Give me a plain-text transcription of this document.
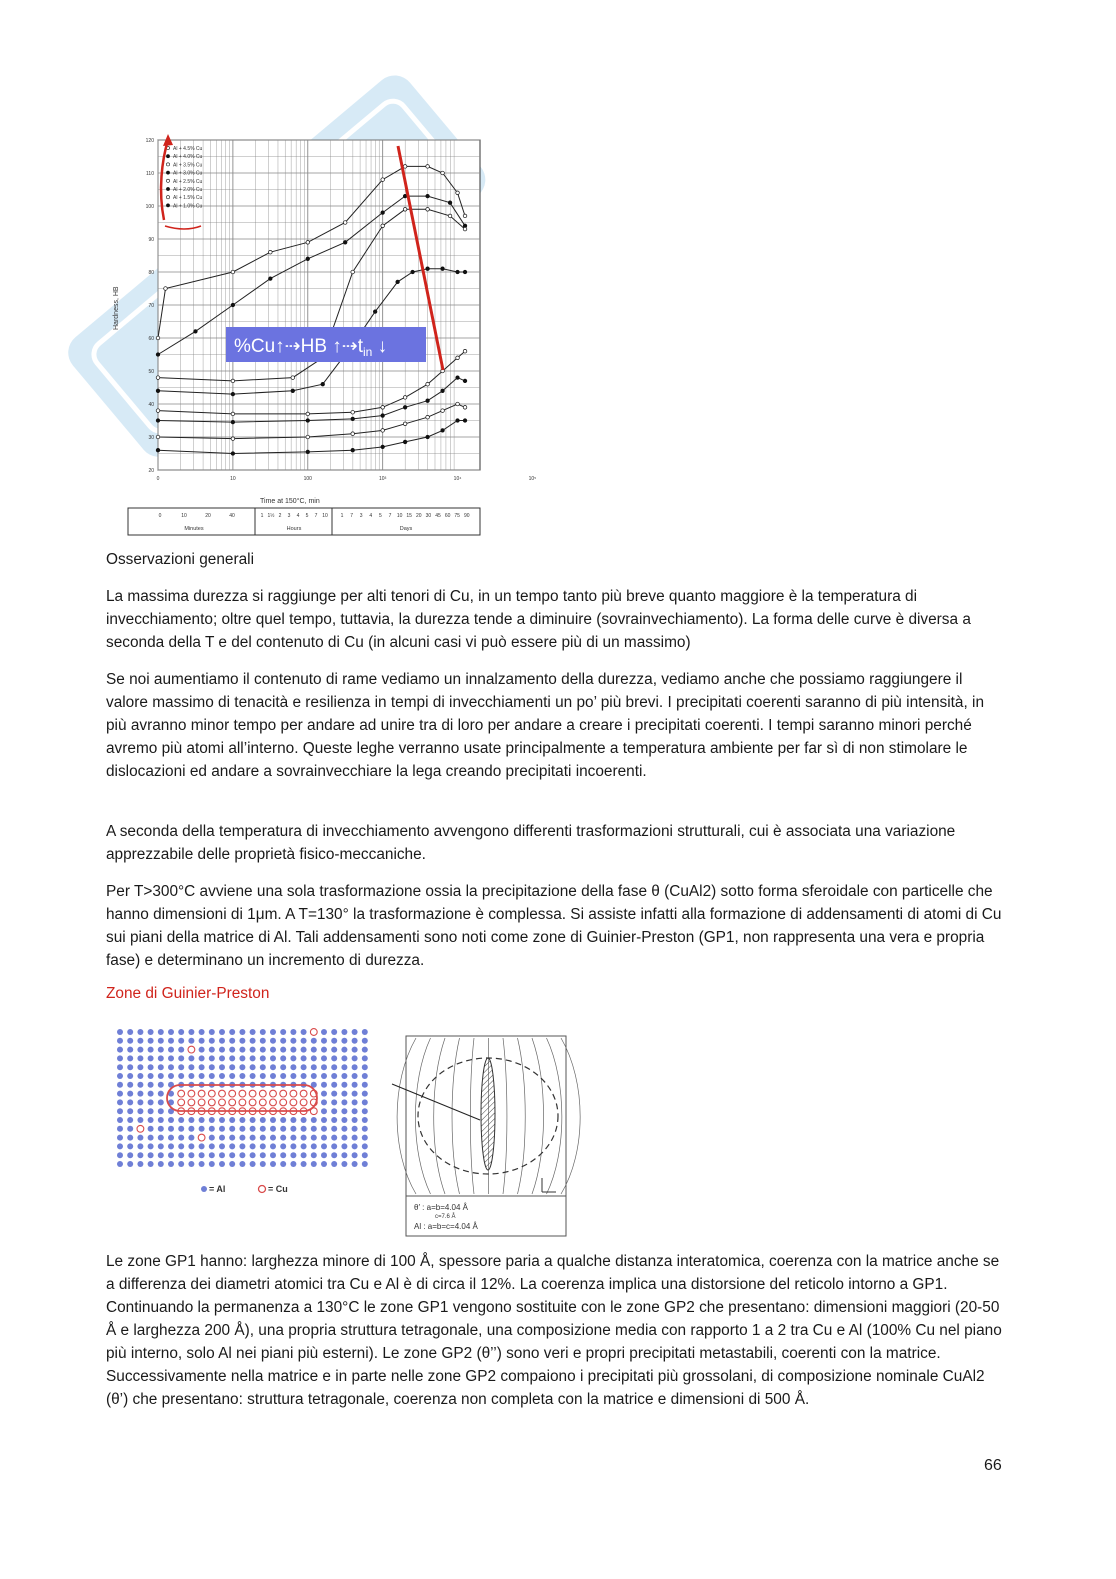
120
110
100
90
80
70
60
50
40
30
20
0	10	100	10³	10⁴	10⁵
Al + 4.5% Cu
Al + 4.0% Cu
Al + 3.5% Cu
Al + 3.0% Cu
Al + 2.5% Cu
Al + 2.0% Cu
Al + 1.5% Cu
Al + 1.0% Cu
0	10	20	40	1 1½ 2 3 4 5 7 10	1 7 3 4 5 7 10 15 20 30 45 60 75 90
Minutes	Hours	Days
%Cu↑⇢HB $↑⇢t_{in}$ ↓
Hardness, HB
Time at 150°C, min

Osservazioni generali

La massima durezza si raggiunge per alti tenori di Cu, in un tempo tanto più breve quanto maggiore è la temperatura di invecchiamento; oltre quel tempo, tuttavia, la durezza tende a diminuire (sovrainvechiamento). La forma delle curve è diversa a seconda della T e del contenuto di Cu (in alcuni casi vi può essere più di un massimo)

Se noi aumentiamo il contenuto di rame vediamo un innalzamento della durezza, vediamo anche che possiamo raggiungere il valore massimo di tenacità e resilienza in tempi di invecchiamenti un po’ più brevi. I precipitati coerenti saranno di più intensità, in più avranno minor tempo per andare ad unire tra di loro per andare a creare i precipitati coerenti. I tempi saranno minori perché avremo più atomi all’interno. Queste leghe verranno usate principalmente a temperatura ambiente per far sì di non stimolare le dislocazioni ed andare a sovrainvecchiare la lega creando precipitati incoerenti.

A seconda della temperatura di invecchiamento avvengono differenti trasformazioni strutturali, cui è associata una variazione apprezzabile delle proprietà fisico-meccaniche.

Per T>300°C avviene una sola trasformazione ossia la precipitazione della fase θ (CuAl2) sotto forma sferoidale con particelle che hanno dimensioni di 1μm. A T=130° la trasformazione è complessa. Si assiste infatti alla formazione di addensamenti di atomi di Cu sui piani della matrice di Al. Tali addensamenti sono noti come zone di Guinier-Preston (GP1, non rappresenta una vera e propria fase) e determinano un incremento di durezza.

Zone di Guinier-Preston
= Al	= Cu
θ′ : a=b=4.04 Å
c=7.6 Å
Al : a=b=c=4.04 Å

Le zone GP1 hanno: larghezza minore di 100 Å, spessore paria a qualche distanza interatomica, coerenza con la matrice anche se a differenza dei diametri atomici tra Cu e Al è di circa il 12%. La coerenza implica una distorsione del reticolo intorno a GP1. Continuando la permanenza a 130°C le zone GP1 vengono sostituite con le zone GP2 che presentano: dimensioni maggiori (20-50 Å e larghezza 200 Å), una propria struttura tetragonale, una composizione media con rapporto 1 a 2 tra Cu e Al (100% Cu nel piano più interno, solo Al nei piani più esterni). Le zone GP2 (θ’’) sono veri e propri precipitati metastabili, coerenti con la matrice. Successivamente nella matrice e in parte nelle zone GP2 compaiono i precipitati più grossolani, di composizione nominale CuAl2 (θ’) che presentano: struttura tetragonale, coerenza non completa con la matrice e dimensioni di 500 Å.

66
